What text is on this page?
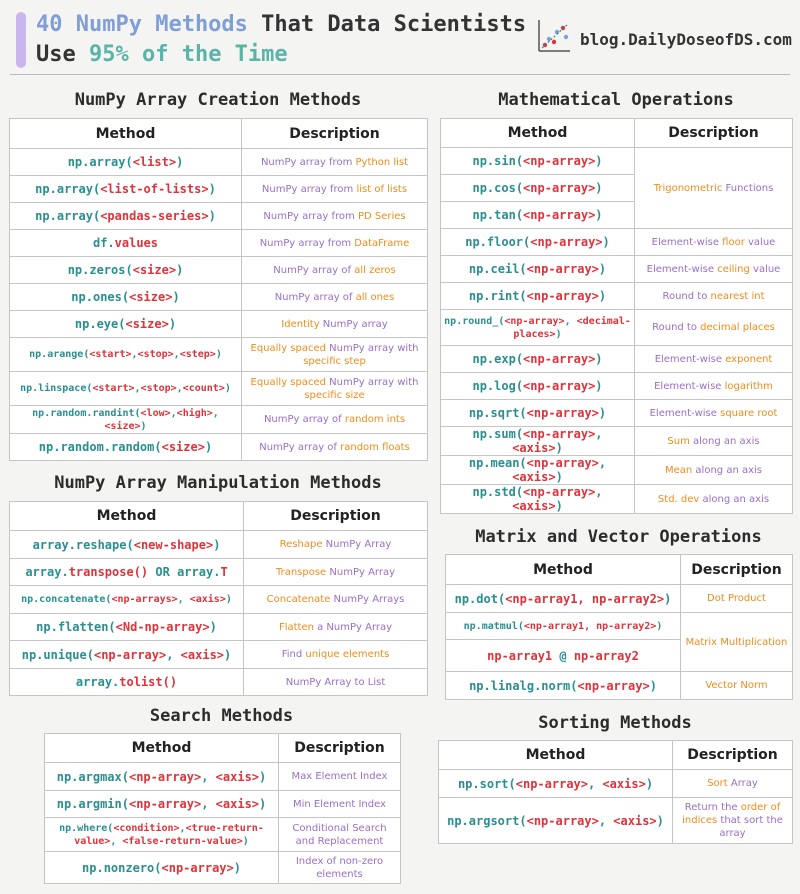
40 NumPy Methods That Data Scientists
Use 95% of the Time
blog.DailyDoseofDS.com
NumPy Array Creation Methods
Method	Description
np.array(<list>)	NumPy array from Python list
np.array(<list-of-lists>)	NumPy array from list of lists
np.array(<pandas-series>)	NumPy array from PD Series
df.values	NumPy array from DataFrame
np.zeros(<size>)	NumPy array of all zeros
np.ones(<size>)	NumPy array of all ones
np.eye(<size>)	Identity NumPy array
np.arange(<start>,<stop>,<step>)	Equally spaced NumPy array with specific step
np.linspace(<start>,<stop>,<count>)	Equally spaced NumPy array with specific size
np.random.randint(<low>,<high>,<size>)	NumPy array of random ints
np.random.random(<size>)	NumPy array of random floats
NumPy Array Manipulation Methods
Method	Description
array.reshape(<new-shape>)	Reshape NumPy Array
array.transpose() OR array.T	Transpose NumPy Array
np.concatenate(<np-arrays>, <axis>)	Concatenate NumPy Arrays
np.flatten(<Nd-np-array>)	Flatten a NumPy Array
np.unique(<np-array>, <axis>)	Find unique elements
array.tolist()	NumPy Array to List
Search Methods
Method	Description
np.argmax(<np-array>, <axis>)	Max Element Index
np.argmin(<np-array>, <axis>)	Min Element Index
np.where(<condition>,<true-return-value>, <false-return-value>)	Conditional Search and Replacement
np.nonzero(<np-array>)	Index of non-zero elements
Mathematical Operations
Method	Description
np.sin(<np-array>)	Trigonometric Functions
np.cos(<np-array>)	
np.tan(<np-array>)	
np.floor(<np-array>)	Element-wise floor value
np.ceil(<np-array>)	Element-wise ceiling value
np.rint(<np-array>)	Round to nearest int
np.round_(<np-array>, <decimal-places>)	Round to decimal places
np.exp(<np-array>)	Element-wise exponent
np.log(<np-array>)	Element-wise logarithm
np.sqrt(<np-array>)	Element-wise square root
np.sum(<np-array>, <axis>)	Sum along an axis
np.mean(<np-array>, <axis>)	Mean along an axis
np.std(<np-array>, <axis>)	Std. dev along an axis
Matrix and Vector Operations
Method	Description
np.dot(<np-array1, np-array2>)	Dot Product
np.matmul(<np-array1, np-array2>)	Matrix Multiplication
np-array1 @ np-array2	
np.linalg.norm(<np-array>)	Vector Norm
Sorting Methods
Method	Description
np.sort(<np-array>, <axis>)	Sort Array
np.argsort(<np-array>, <axis>)	Return the order of indices that sort the array
